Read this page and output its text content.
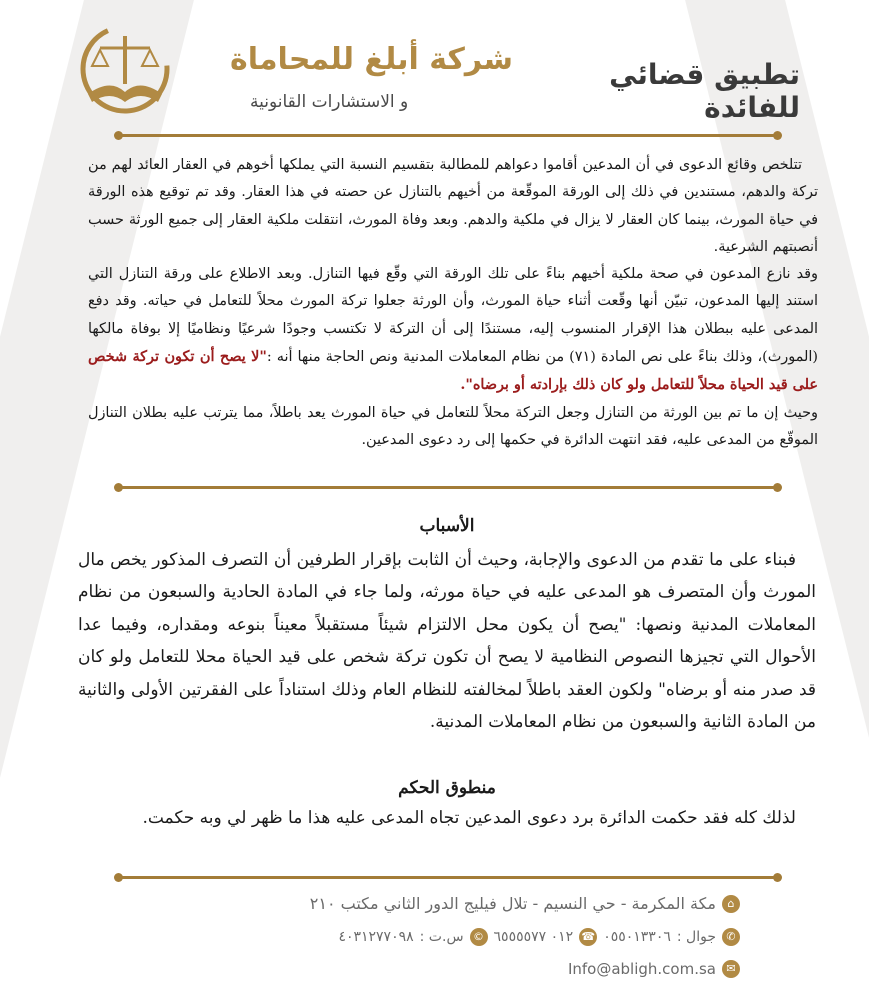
شركة أبلغ للمحاماة
و الاستشارات القانونية
تطبيق قضائي للفائدة

تتلخص وقائع الدعوى في أن المدعين أقاموا دعواهم للمطالبة بتقسيم النسبة التي يملكها أخوهم في العقار العائد لهم من تركة والدهم، مستندين في ذلك إلى الورقة الموقّعة من أخيهم بالتنازل عن حصته في هذا العقار. وقد تم توقيع هذه الورقة في حياة المورث، بينما كان العقار لا يزال في ملكية والدهم. وبعد وفاة المورث، انتقلت ملكية العقار إلى جميع الورثة حسب أنصبتهم الشرعية.

وقد نازع المدعون في صحة ملكية أخيهم بناءً على تلك الورقة التي وقّع فيها التنازل. وبعد الاطلاع على ورقة التنازل التي استند إليها المدعون، تبيّن أنها وقّعت أثناء حياة المورث، وأن الورثة جعلوا تركة المورث محلاً للتعامل في حياته. وقد دفع المدعى عليه ببطلان هذا الإقرار المنسوب إليه، مستندًا إلى أن التركة لا تكتسب وجودًا شرعيًا ونظاميًا إلا بوفاة مالكها (المورث)، وذلك بناءً على نص المادة (٧١) من نظام المعاملات المدنية ونص الحاجة منها أنه :"لا يصح أن تكون تركة شخص على قيد الحياة محلاً للتعامل ولو كان ذلك بإرادته أو برضاه".

وحيث إن ما تم بين الورثة من التنازل وجعل التركة محلاً للتعامل في حياة المورث يعد باطلاً، مما يترتب عليه بطلان التنازل الموقّع من المدعى عليه، فقد انتهت الدائرة في حكمها إلى رد دعوى المدعين.

الأسباب

فبناء على ما تقدم من الدعوى والإجابة، وحيث أن الثابت بإقرار الطرفين أن التصرف المذكور يخص مال المورث وأن المتصرف هو المدعى عليه في حياة مورثه، ولما جاء في المادة الحادية والسبعون من نظام المعاملات المدنية ونصها: "يصح أن يكون محل الالتزام شيئاً مستقبلاً معيناً بنوعه ومقداره، وفيما عدا الأحوال التي تجيزها النصوص النظامية لا يصح أن تكون تركة شخص على قيد الحياة محلا للتعامل ولو كان قد صدر منه أو برضاه" ولكون العقد باطلاً لمخالفته للنظام العام وذلك استناداً على الفقرتين الأولى والثانية من المادة الثانية والسبعون من نظام المعاملات المدنية.

منطوق الحكم

لذلك كله فقد حكمت الدائرة برد دعوى المدعين تجاه المدعى عليه هذا ما ظهر لي وبه حكمت.

⌂
مكة المكرمة - حي النسيم - تلال فيليج الدور الثاني مكتب ٢١٠
✆
جوال :
٠٥٥٠١٣٣٠٦
☎
٠١٢ ٦٥٥٥٥٧٧
©
س.ت :
٤٠٣١٢٧٧٠٩٨
✉
Info@abligh.com.sa
